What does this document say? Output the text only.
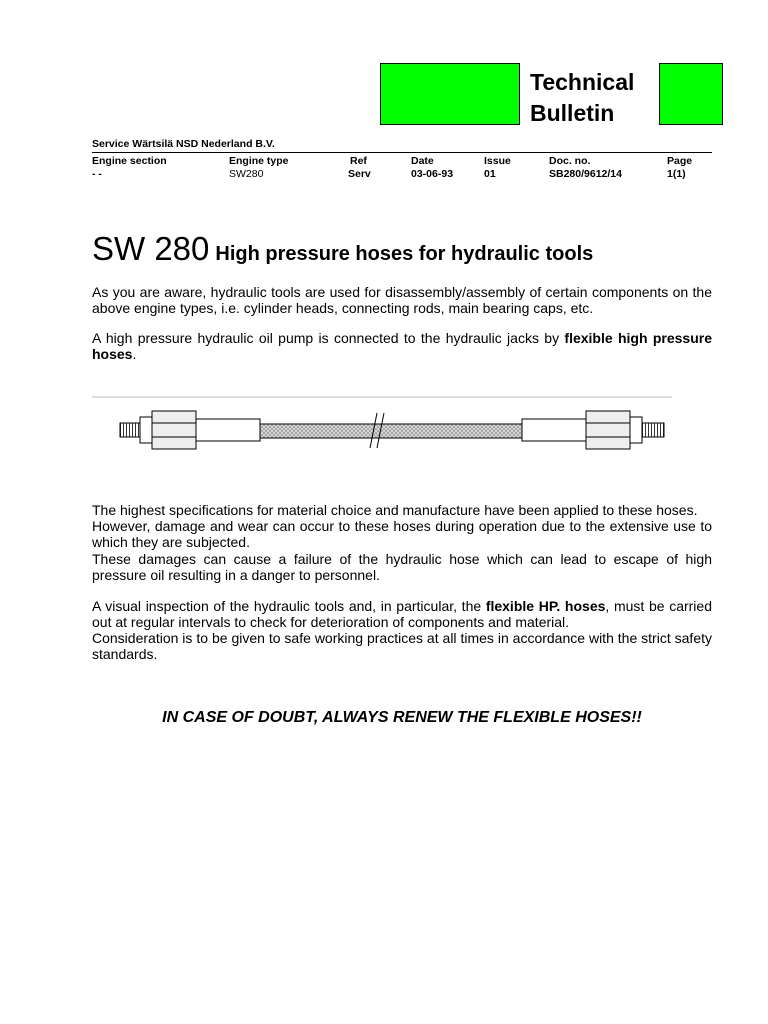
Technical
Bulletin
Service Wärtsilä NSD Nederland B.V.
Engine section
- -
Engine type
SW280
Ref
Serv
Date
03-06-93
Issue
01
Doc. no.
SB280/9612/14
Page
1(1)
SW 280 High pressure hoses for hydraulic tools

As you are aware, hydraulic tools are used for disassembly/assembly of certain components on the above engine types, i.e. cylinder heads, connecting rods, main bearing caps, etc.

A high pressure hydraulic oil pump is connected to the hydraulic jacks by flexible high pressure hoses.

The highest specifications for material choice and manufacture have been applied to these hoses.

However, damage and wear can occur to these hoses during operation due to the extensive use to which they are subjected.

These damages can cause a failure of the hydraulic hose which can lead to escape of high pressure oil resulting in a danger to personnel.

A visual inspection of the hydraulic tools and, in particular, the flexible HP. hoses, must be carried out at regular intervals to check for deterioration of components and material.

Consideration is to be given to safe working practices at all times in accordance with the strict safety standards.

IN CASE OF DOUBT, ALWAYS RENEW THE FLEXIBLE HOSES!!
